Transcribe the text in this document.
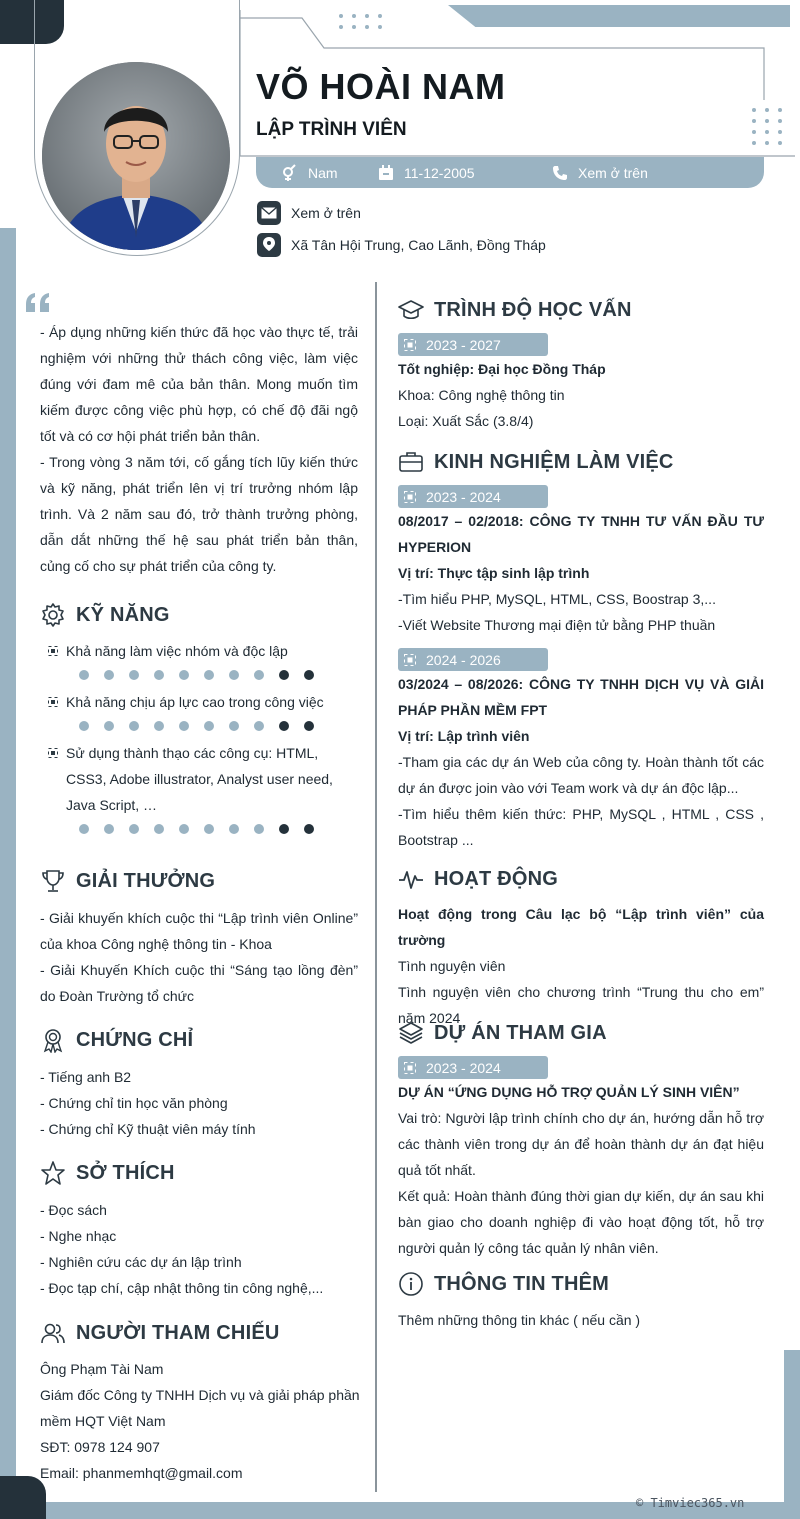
VÕ HOÀI NAM
LẬP TRÌNH VIÊN
Nam	11-12-2005	Xem ở trên
Xem ở trên
Xã Tân Hội Trung, Cao Lãnh, Đồng Tháp

- Áp dụng những kiến thức đã học vào thực tế, trải nghiệm với những thử thách công việc, làm việc đúng với đam mê của bản thân. Mong muốn tìm kiếm được công việc phù hợp, có chế độ đãi ngộ tốt và có cơ hội phát triển bản thân.

- Trong vòng 3 năm tới, cố gắng tích lũy kiến thức và kỹ năng, phát triển lên vị trí trưởng nhóm lập trình. Và 2 năm sau đó, trở thành trưởng phòng, dẫn dắt những thế hệ sau phát triển bản thân, củng cố cho sự phát triển của công ty.

KỸ NĂNG
Khả năng làm việc nhóm và độc lập
Khả năng chịu áp lực cao trong công việc
Sử dụng thành thạo các công cụ: HTML, CSS3, Adobe illustrator, Analyst user need, Java Script, …
GIẢI THƯỞNG

- Giải khuyến khích cuộc thi “Lập trình viên Online” của khoa Công nghệ thông tin - Khoa

- Giải Khuyến Khích cuộc thi “Sáng tạo lồng đèn” do Đoàn Trường tổ chức

CHỨNG CHỈ

- Tiếng anh B2

- Chứng chỉ tin học văn phòng

- Chứng chỉ Kỹ thuật viên máy tính

SỞ THÍCH

- Đọc sách

- Nghe nhạc

- Nghiên cứu các dự án lập trình

- Đọc tạp chí, cập nhật thông tin công nghệ,...

NGƯỜI THAM CHIẾU

Ông Phạm Tài Nam

Giám đốc Công ty TNHH Dịch vụ và giải pháp phần mềm HQT Việt Nam

SĐT: 0978 124 907

Email: phanmemhqt@gmail.com

TRÌNH ĐỘ HỌC VẤN
2023 - 2027

Tốt nghiệp: Đại học Đồng Tháp

Khoa: Công nghệ thông tin

Loại: Xuất Sắc (3.8/4)

KINH NGHIỆM LÀM VIỆC
2023 - 2024

08/2017 – 02/2018: CÔNG TY TNHH TƯ VẤN ĐẦU TƯ HYPERION

Vị trí: Thực tập sinh lập trình

-Tìm hiểu PHP, MySQL, HTML, CSS, Boostrap 3,...

-Viết Website Thương mại điện tử bằng PHP thuần

2024 - 2026

03/2024 – 08/2026: CÔNG TY TNHH DỊCH VỤ VÀ GIẢI PHÁP PHẦN MỀM FPT

Vị trí: Lập trình viên

-Tham gia các dự án Web của công ty. Hoàn thành tốt các dự án được join vào với Team work và dự án độc lập...

-Tìm hiểu thêm kiến thức: PHP, MySQL , HTML , CSS , Bootstrap ...

HOẠT ĐỘNG

Hoạt động trong Câu lạc bộ “Lập trình viên” của trường

Tình nguyện viên

Tình nguyện viên cho chương trình “Trung thu cho em” năm 2024

DỰ ÁN THAM GIA
2023 - 2024

DỰ ÁN “ỨNG DỤNG HỖ TRỢ QUẢN LÝ SINH VIÊN”

Vai trò: Người lập trình chính cho dự án, hướng dẫn hỗ trợ các thành viên trong dự án để hoàn thành dự án đạt hiệu quả tốt nhất.

Kết quả: Hoàn thành đúng thời gian dự kiến, dự án sau khi bàn giao cho doanh nghiệp đi vào hoạt động tốt, hỗ trợ người quản lý công tác quản lý nhân viên.

THÔNG TIN THÊM

Thêm những thông tin khác ( nếu cần )

© Timviec365.vn
